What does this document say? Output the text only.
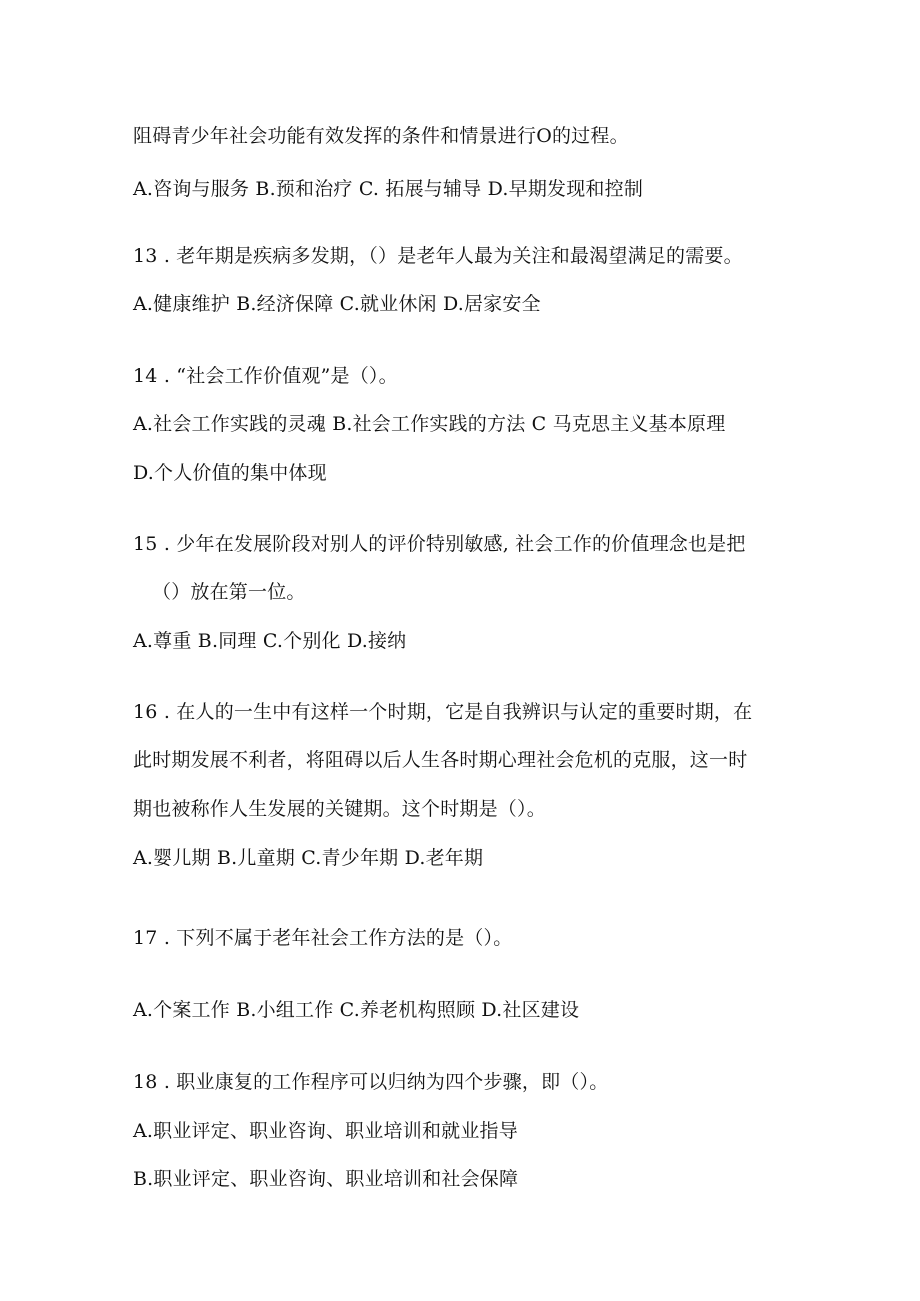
阻碍青少年社会功能有效发挥的条件和情景进行O的过程。
A.咨询与服务 B.预和治疗 C. 拓展与辅导 D.早期发现和控制
13 . 老年期是疾病多发期，（）是老年人最为关注和最渴望满足的需要。
A.健康维护 B.经济保障 C.就业休闲 D.居家安全
14 . “社会工作价值观”是（）。
A.社会工作实践的灵魂 B.社会工作实践的方法 C 马克思主义基本原理
D.个人价值的集中体现
15 . 少年在发展阶段对别人的评价特别敏感, 社会工作的价值理念也是把
（）放在第一位。
A.尊重 B.同理 C.个别化 D.接纳
16 . 在人的一生中有这样一个时期，它是自我辨识与认定的重要时期，在
此时期发展不利者，将阻碍以后人生各时期心理社会危机的克服，这一时
期也被称作人生发展的关键期。这个时期是（）。
A.婴儿期 B.儿童期 C.青少年期 D.老年期
17 . 下列不属于老年社会工作方法的是（）。
A.个案工作 B.小组工作 C.养老机构照顾 D.社区建设
18 . 职业康复的工作程序可以归纳为四个步骤，即（）。
A.职业评定、职业咨询、职业培训和就业指导
B.职业评定、职业咨询、职业培训和社会保障
